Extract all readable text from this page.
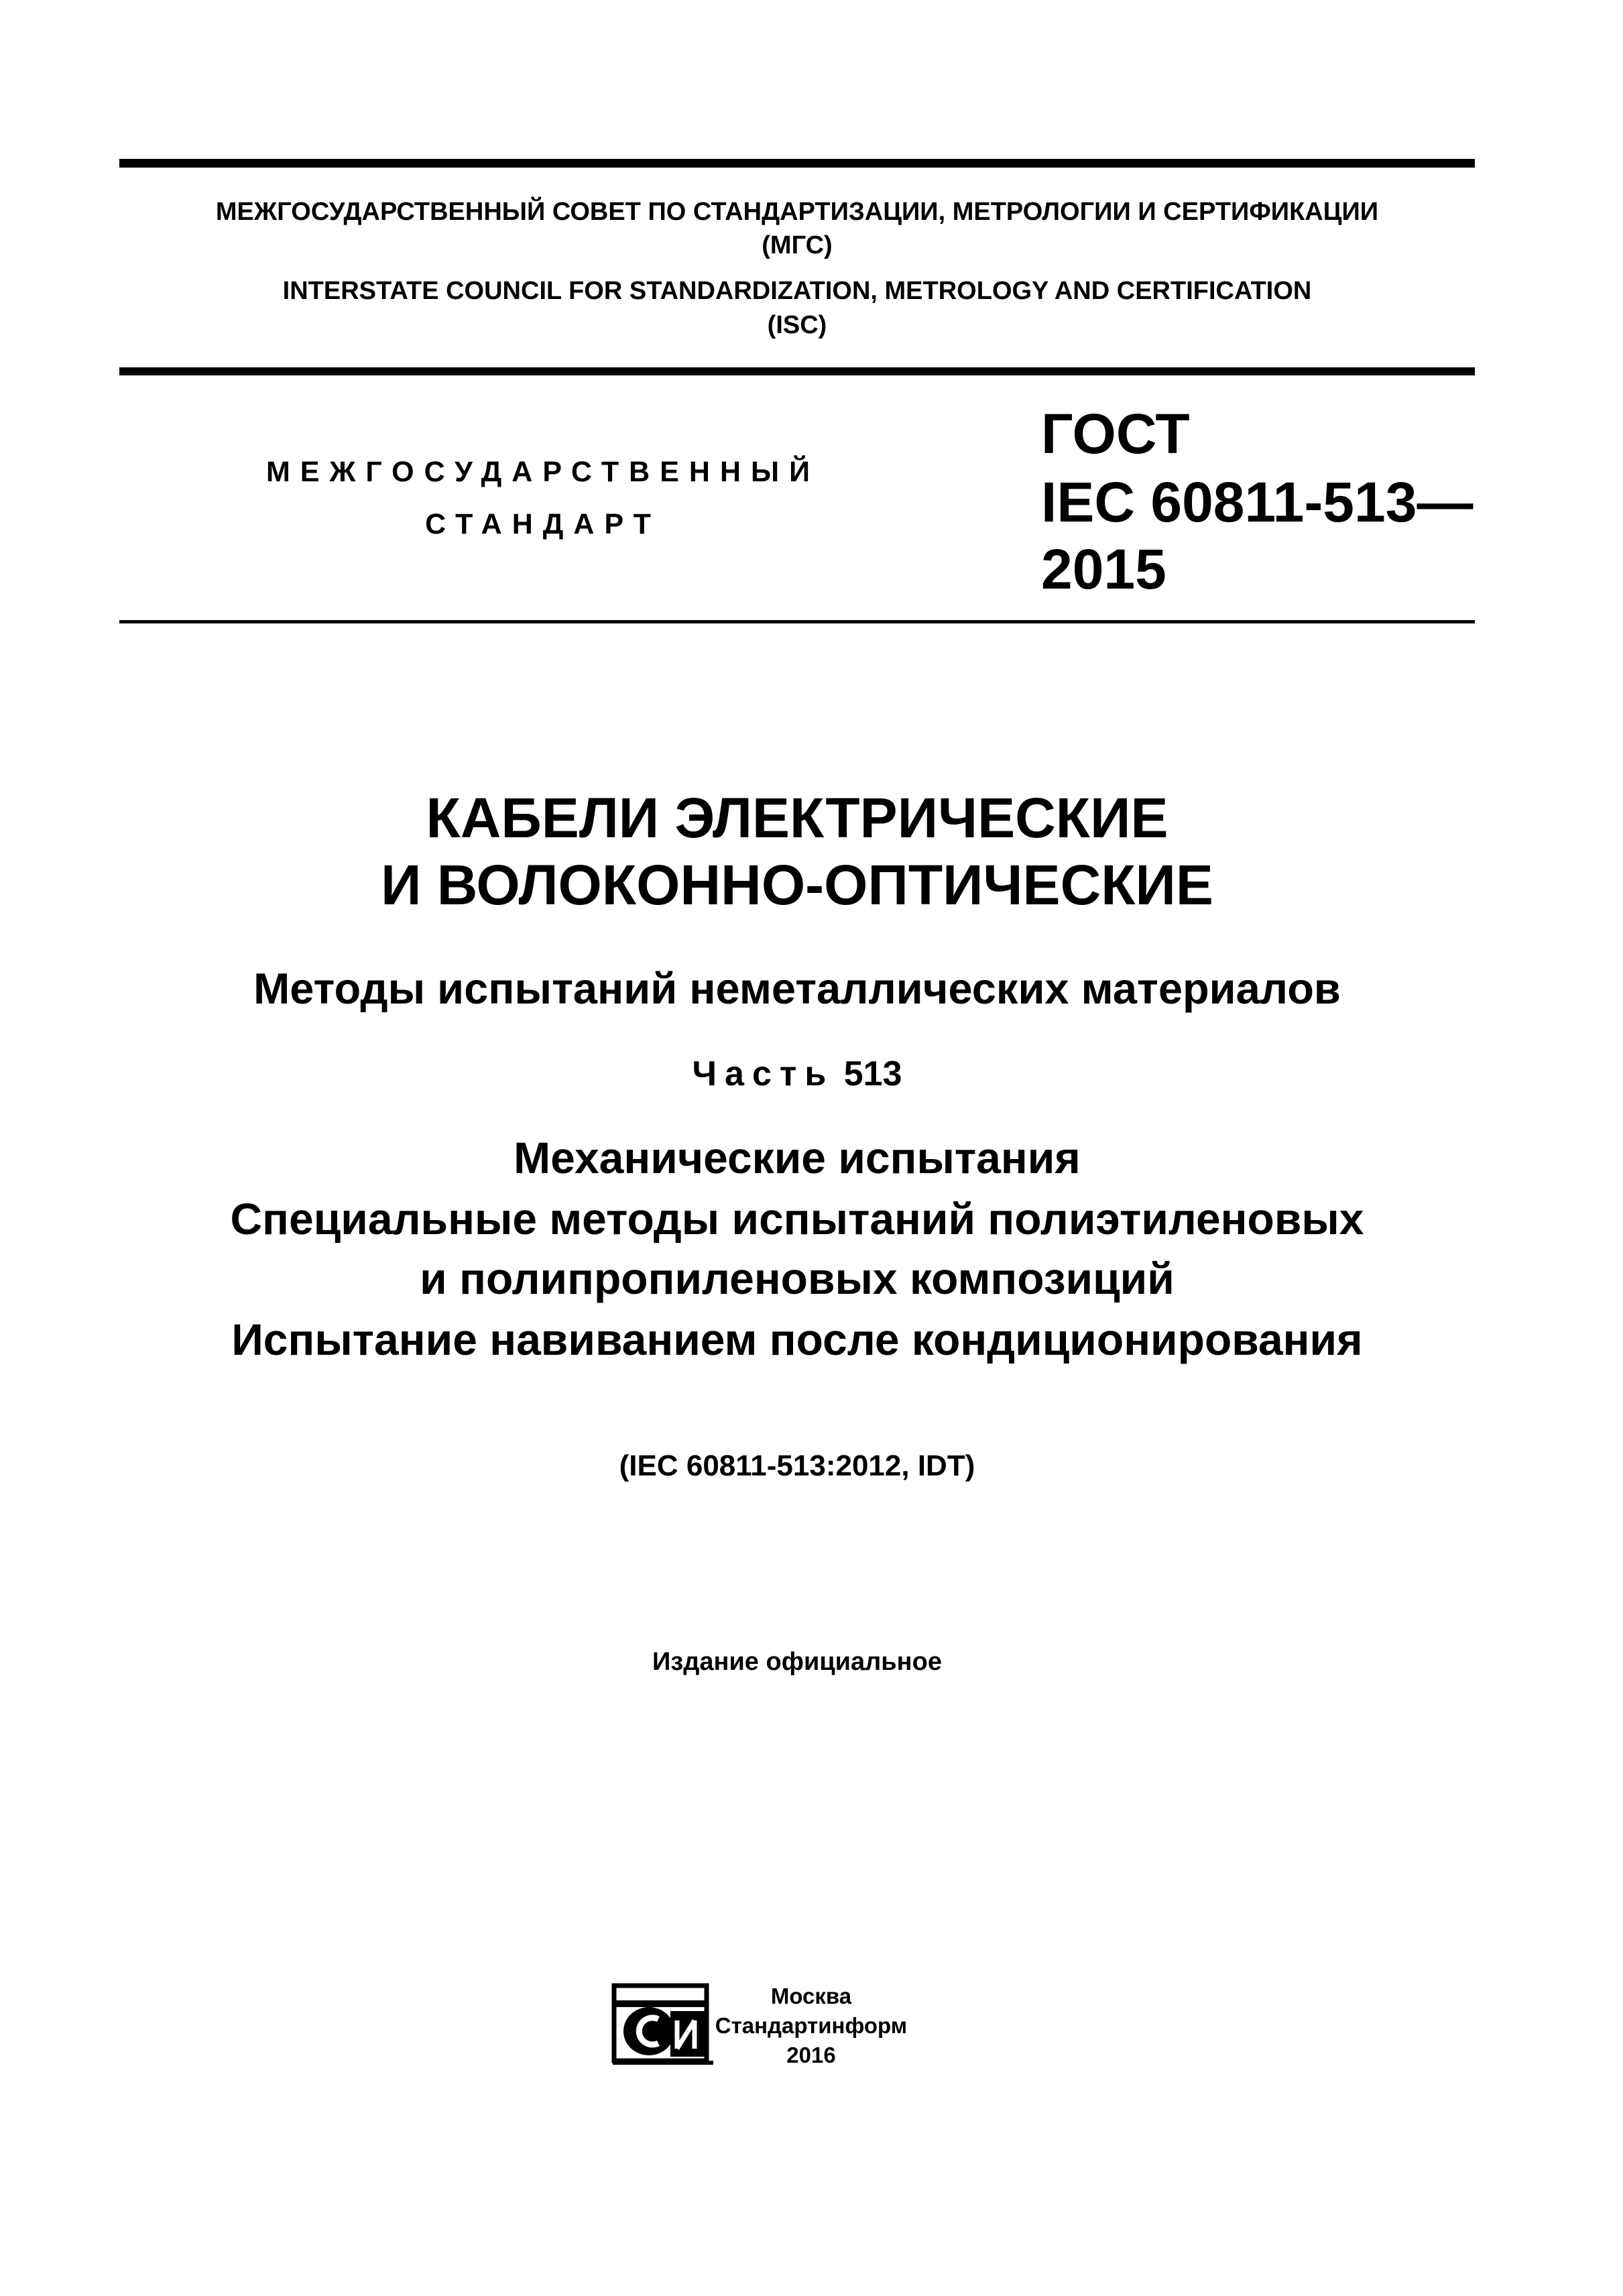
МЕЖГОСУДАРСТВЕННЫЙ СОВЕТ ПО СТАНДАРТИЗАЦИИ, МЕТРОЛОГИИ И СЕРТИФИКАЦИИ
(МГС)
INTERSTATE COUNCIL FOR STANDARDIZATION, METROLOGY AND CERTIFICATION
(ISC)
МЕЖГОСУДАРСТВЕННЫЙ
СТАНДАРТ
ГОСТ
IEC 60811-513—
2015
КАБЕЛИ ЭЛЕКТРИЧЕСКИЕ
И ВОЛОКОННО-ОПТИЧЕСКИЕ
Методы испытаний неметаллических материалов
Часть 513
Механические испытания
Специальные методы испытаний полиэтиленовых
и полипропиленовых композиций
Испытание навиванием после кондиционирования
(IEC 60811-513:2012, IDT)
Издание официальное
Москва
Стандартинформ
2016
